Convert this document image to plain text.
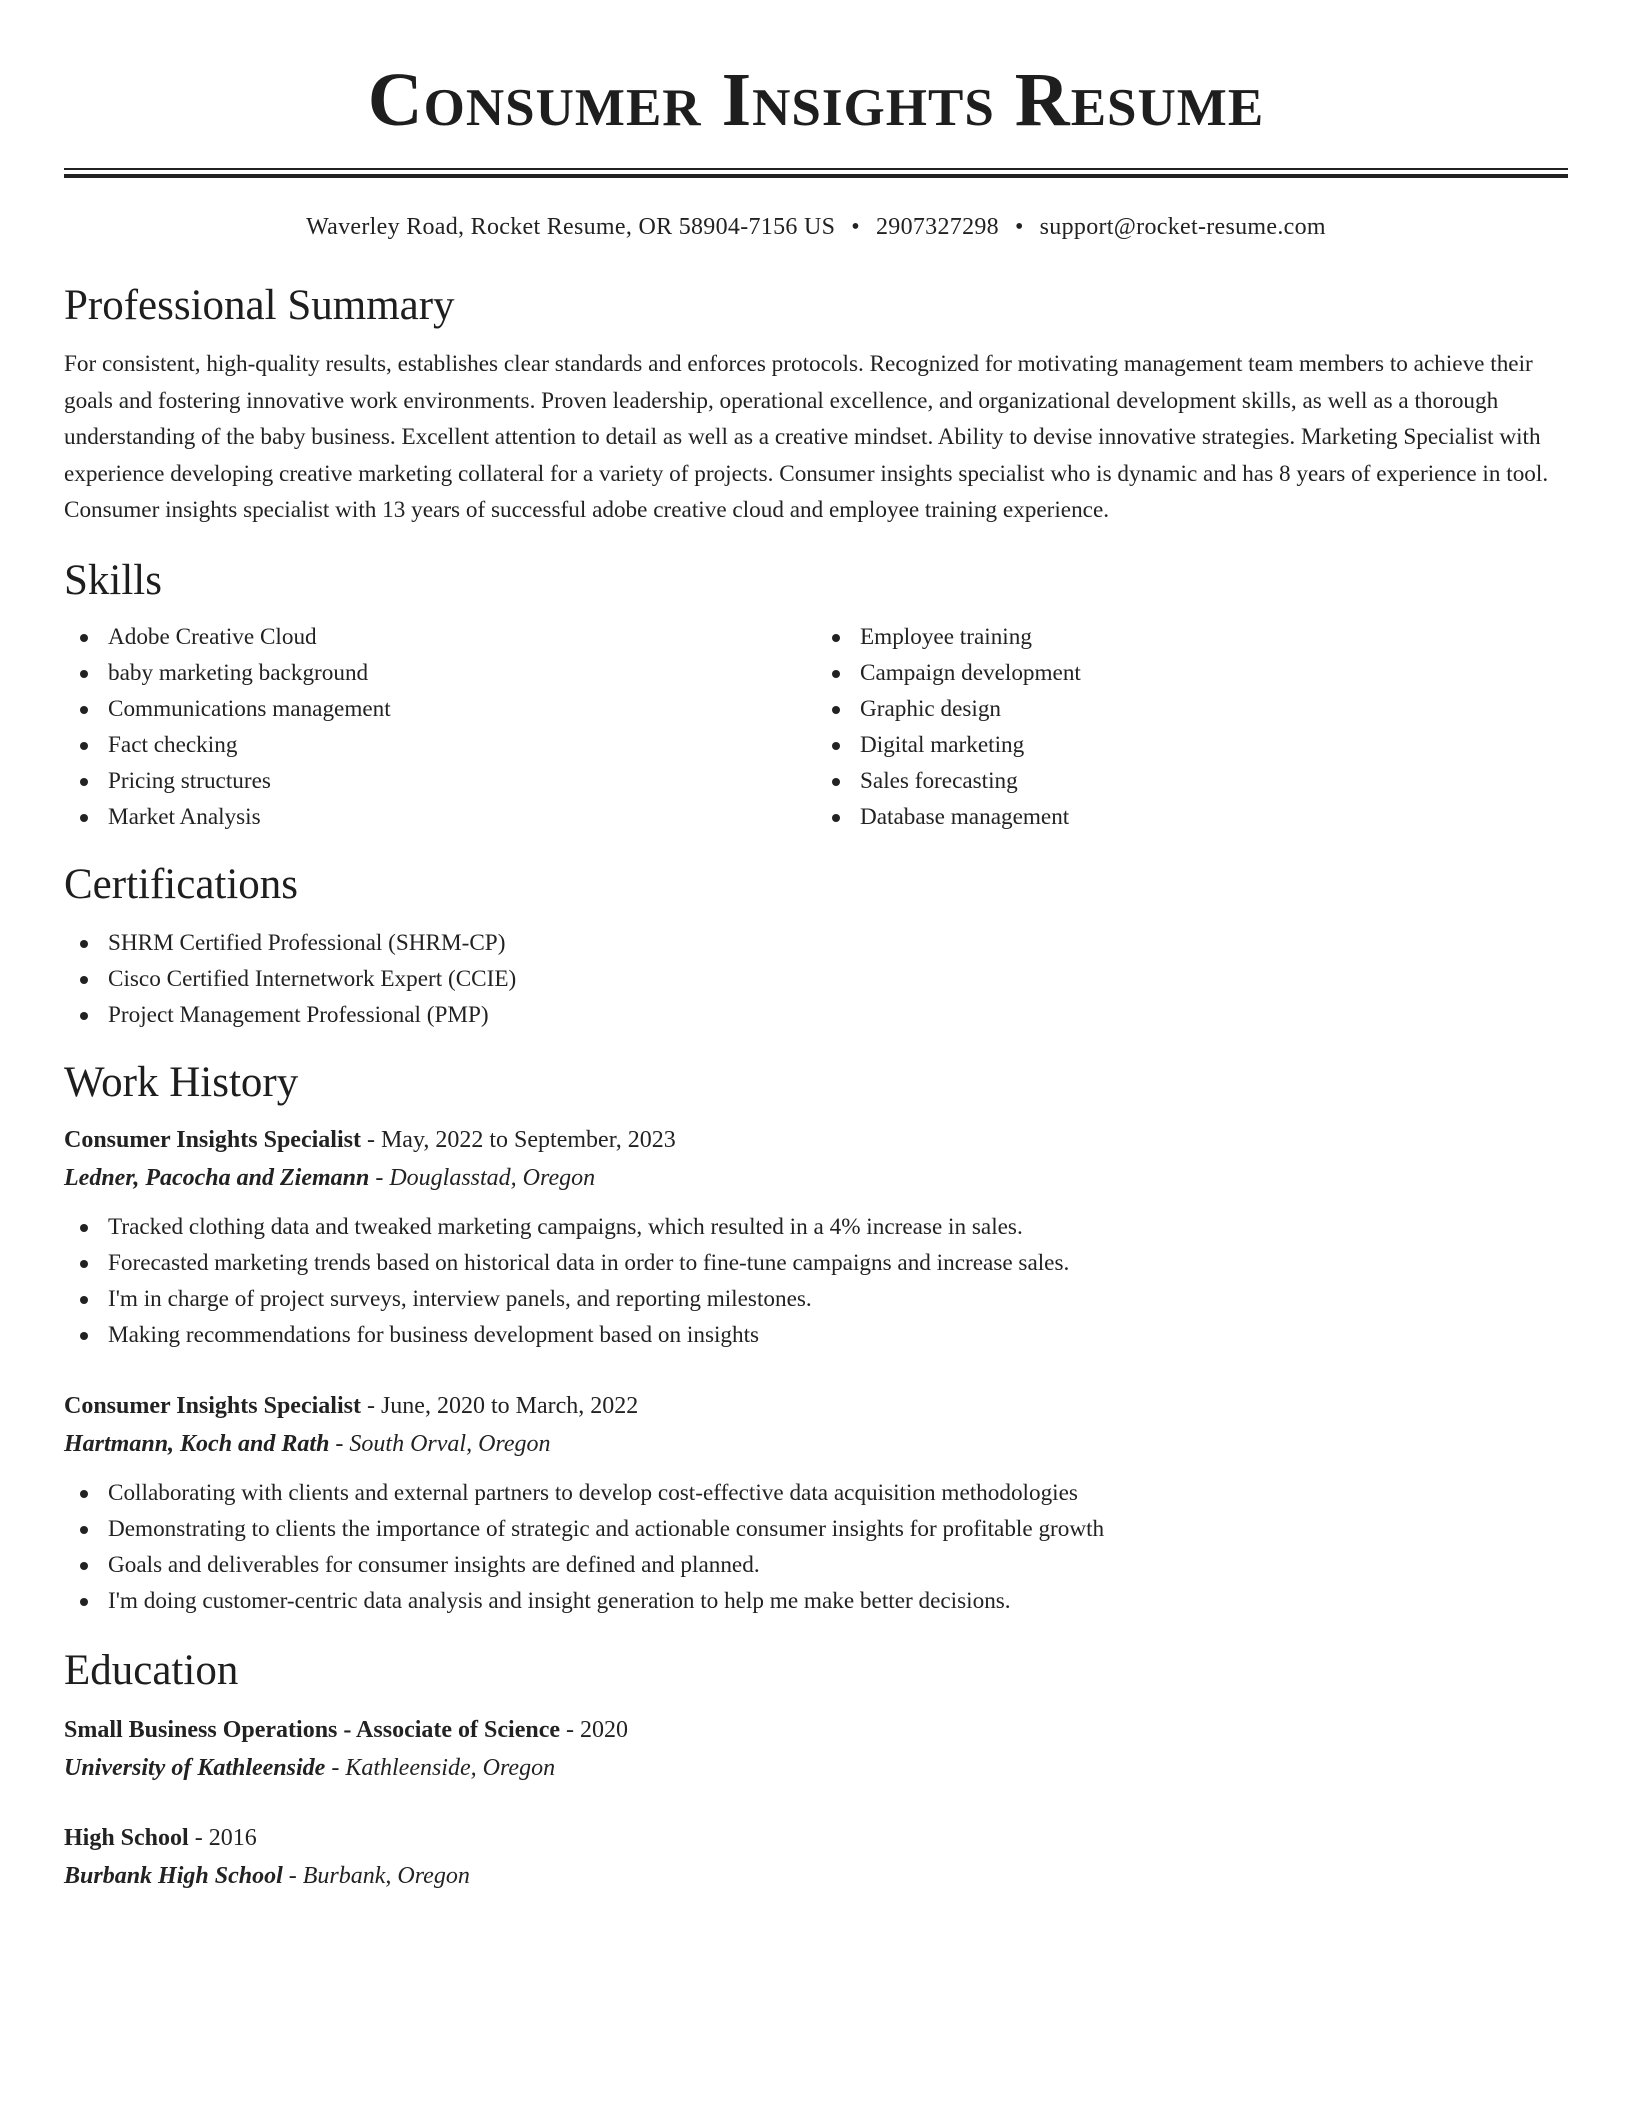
Consumer Insights Resume
Waverley Road, Rocket Resume, OR 58904-7156 US • 2907327298 • support@rocket-resume.com
Professional Summary

For consistent, high-quality results, establishes clear standards and enforces protocols. Recognized for motivating management team members to achieve their goals and fostering innovative work environments. Proven leadership, operational excellence, and organizational development skills, as well as a thorough understanding of the baby business. Excellent attention to detail as well as a creative mindset. Ability to devise innovative strategies. Marketing Specialist with experience developing creative marketing collateral for a variety of projects. Consumer insights specialist who is dynamic and has 8 years of experience in tool. Consumer insights specialist with 13 years of successful adobe creative cloud and employee training experience.

Skills
Adobe Creative Cloud
baby marketing background
Communications management
Fact checking
Pricing structures
Market Analysis
Employee training
Campaign development
Graphic design
Digital marketing
Sales forecasting
Database management
Certifications
SHRM Certified Professional (SHRM-CP)
Cisco Certified Internetwork Expert (CCIE)
Project Management Professional (PMP)
Work History
Consumer Insights Specialist - May, 2022 to September, 2023
Ledner, Pacocha and Ziemann - Douglasstad, Oregon
Tracked clothing data and tweaked marketing campaigns, which resulted in a 4% increase in sales.
Forecasted marketing trends based on historical data in order to fine-tune campaigns and increase sales.
I'm in charge of project surveys, interview panels, and reporting milestones.
Making recommendations for business development based on insights
Consumer Insights Specialist - June, 2020 to March, 2022
Hartmann, Koch and Rath - South Orval, Oregon
Collaborating with clients and external partners to develop cost-effective data acquisition methodologies
Demonstrating to clients the importance of strategic and actionable consumer insights for profitable growth
Goals and deliverables for consumer insights are defined and planned.
I'm doing customer-centric data analysis and insight generation to help me make better decisions.
Education
Small Business Operations - Associate of Science - 2020
University of Kathleenside - Kathleenside, Oregon
High School - 2016
Burbank High School - Burbank, Oregon
